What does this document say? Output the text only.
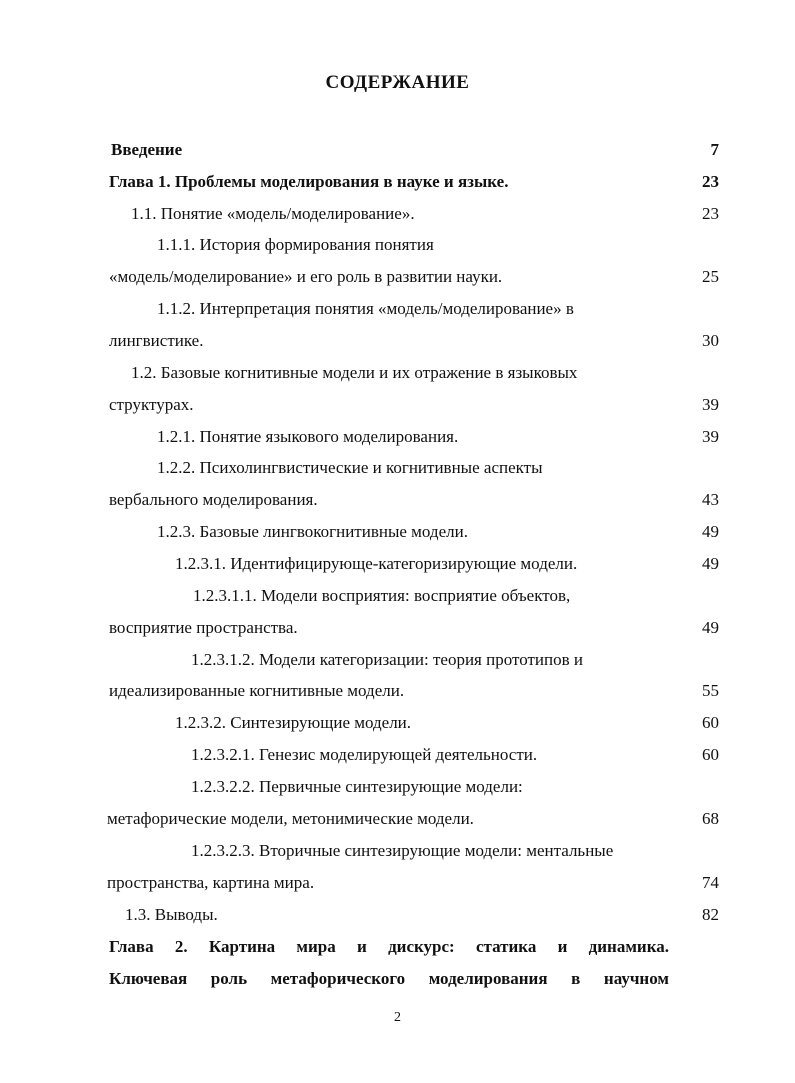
СОДЕРЖАНИЕ
Введение	7
Глава 1. Проблемы моделирования в науке и языке.	23
1.1. Понятие «модель/моделирование».	23
1.1.1. История формирования понятия
«модель/моделирование» и его роль в развитии науки.	25
1.1.2. Интерпретация понятия «модель/моделирование» в
лингвистике.	30
1.2. Базовые когнитивные модели и их отражение в языковых
структурах.	39
1.2.1. Понятие языкового моделирования.	39
1.2.2. Психолингвистические и когнитивные аспекты
вербального моделирования.	43
1.2.3. Базовые лингвокогнитивные модели.	49
1.2.3.1. Идентифицирующе-категоризирующие модели.	49
1.2.3.1.1. Модели восприятия: восприятие объектов,
восприятие пространства.	49
1.2.3.1.2. Модели категоризации: теория прототипов и
идеализированные когнитивные модели.	55
1.2.3.2. Синтезирующие модели.	60
1.2.3.2.1. Генезис моделирующей деятельности.	60
1.2.3.2.2. Первичные синтезирующие модели:
метафорические модели, метонимические модели.	68
1.2.3.2.3. Вторичные синтезирующие модели: ментальные
пространства, картина мира.	74
1.3. Выводы.	82
Глава 2. Картина мира и дискурс: статика и динамика.
Ключевая роль метафорического моделирования в научном
2
